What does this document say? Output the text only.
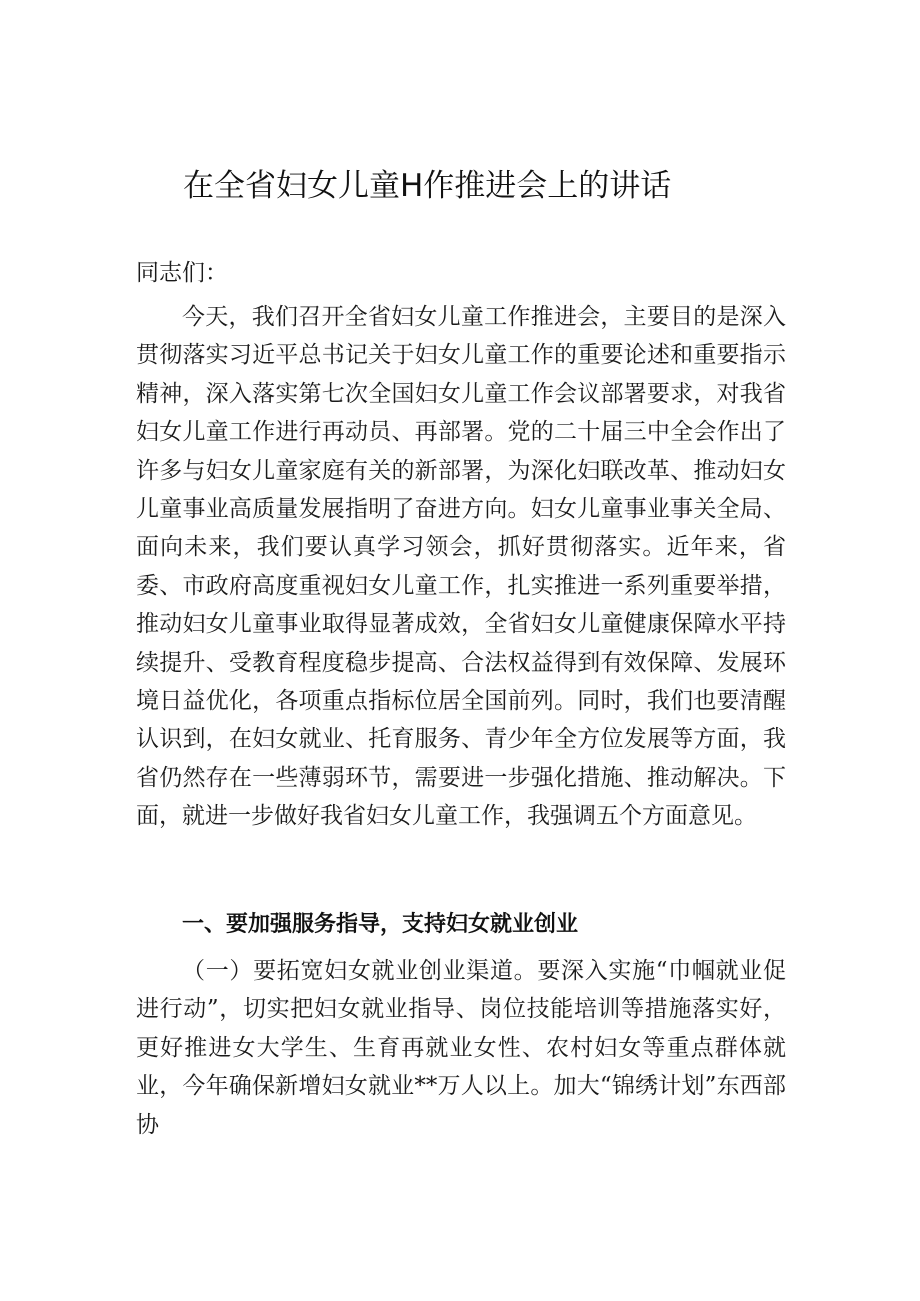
在全省妇女儿童H作推进会上的讲话

同志们：

今天，我们召开全省妇女儿童工作推进会，主要目的是深入贯彻落实习近平总书记关于妇女儿童工作的重要论述和重要指示精神，深入落实第七次全国妇女儿童工作会议部署要求，对我省妇女儿童工作进行再动员、再部署。党的二十届三中全会作出了许多与妇女儿童家庭有关的新部署，为深化妇联改革、推动妇女儿童事业高质量发展指明了奋进方向。妇女儿童事业事关全局、面向未来，我们要认真学习领会，抓好贯彻落实。近年来，省委、市政府高度重视妇女儿童工作，扎实推进一系列重要举措，推动妇女儿童事业取得显著成效，全省妇女儿童健康保障水平持续提升、受教育程度稳步提高、合法权益得到有效保障、发展环境日益优化，各项重点指标位居全国前列。同时，我们也要清醒认识到，在妇女就业、托育服务、青少年全方位发展等方面，我省仍然存在一些薄弱环节，需要进一步强化措施、推动解决。下面，就进一步做好我省妇女儿童工作，我强调五个方面意见。

一、要加强服务指导，支持妇女就业创业

（一）要拓宽妇女就业创业渠道。要深入实施“巾帼就业促进行动”，切实把妇女就业指导、岗位技能培训等措施落实好，更好推进女大学生、生育再就业女性、农村妇女等重点群体就业，今年确保新增妇女就业**万人以上。加大“锦绣计划”东西部协
